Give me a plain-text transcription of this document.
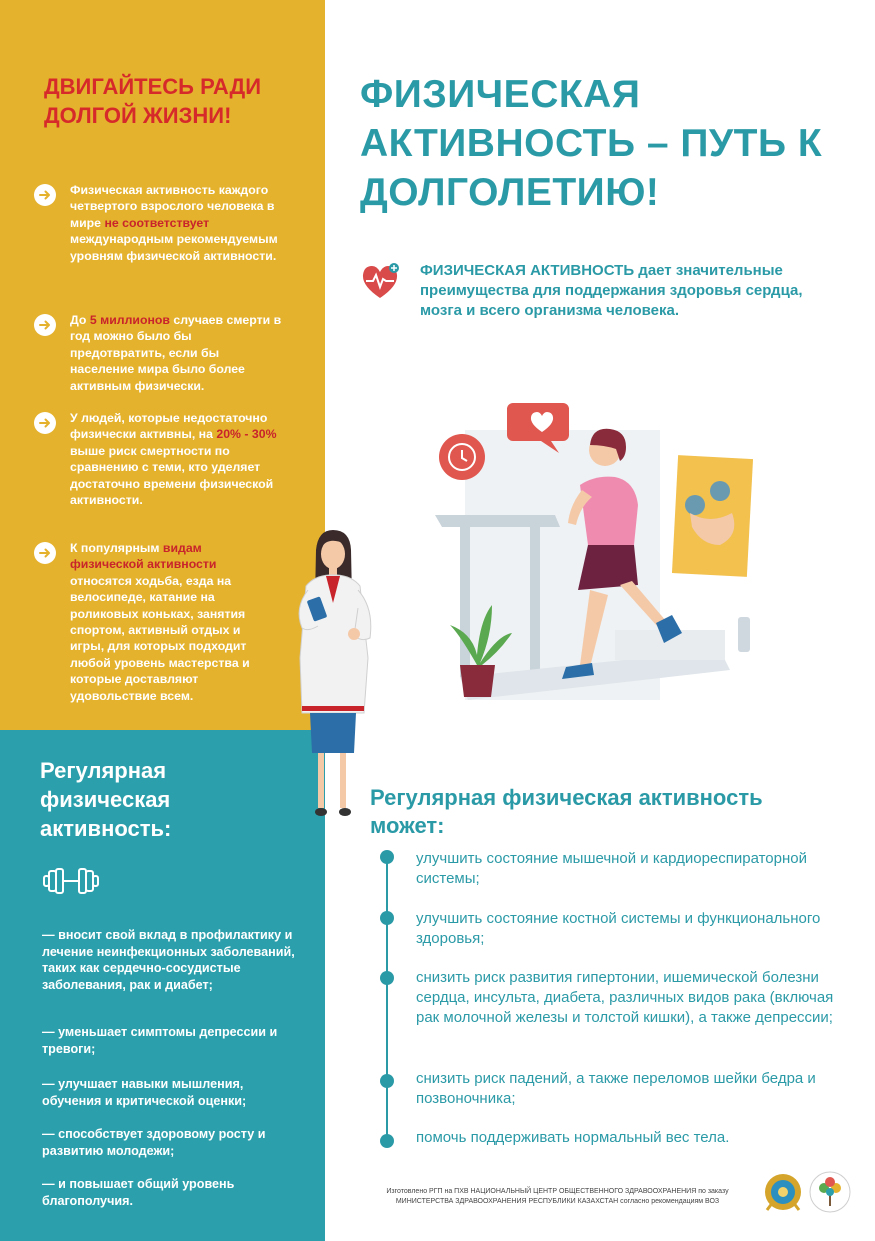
ДВИГАЙТЕСЬ РАДИ ДОЛГОЙ ЖИЗНИ!
Физическая активность каждого четвертого взрослого человека в мире не соответствует международным рекомендуемым уровням физической активности.
До 5 миллионов случаев смерти в год можно было бы предотвратить, если бы население мира было более активным физически.
У людей, которые недостаточно физически активны, на 20% - 30% выше риск смертности по сравнению с теми, кто уделяет достаточно времени физической активности.
К популярным видам физической активности относятся ходьба, езда на велосипеде, катание на роликовых коньках, занятия спортом, активный отдых и игры, для которых подходит любой уровень мастерства и которые доставляют удовольствие всем.
Регулярная физическая активность:
— вносит свой вклад в профилактику и лечение неинфекционных заболеваний, таких как сердечно-сосудистые заболевания, рак и диабет;
— уменьшает симптомы депрессии и тревоги;
— улучшает навыки мышления, обучения и критической оценки;
— способствует здоровому росту и развитию молодежи;
— и повышает общий уровень благополучия.
ФИЗИЧЕСКАЯ АКТИВНОСТЬ – ПУТЬ К ДОЛГОЛЕТИЮ!
ФИЗИЧЕСКАЯ АКТИВНОСТЬ дает значительные преимущества для поддержания здоровья сердца, мозга и всего организма человека.
Регулярная физическая активность может:
улучшить состояние мышечной и кардиореспираторной системы;
улучшить состояние костной системы и функционального здоровья;
снизить риск развития гипертонии, ишемической болезни сердца, инсульта, диабета, различных видов рака (включая рак молочной железы и толстой кишки), а также депрессии;
снизить риск падений, а также переломов шейки бедра и позвоночника;
помочь поддерживать нормальный вес тела.
Изготовлено РГП на ПХВ НАЦИОНАЛЬНЫЙ ЦЕНТР ОБЩЕСТВЕННОГО ЗДРАВООХРАНЕНИЯ по заказу МИНИСТЕРСТВА ЗДРАВООХРАНЕНИЯ РЕСПУБЛИКИ КАЗАХСТАН согласно рекомендациям ВОЗ
